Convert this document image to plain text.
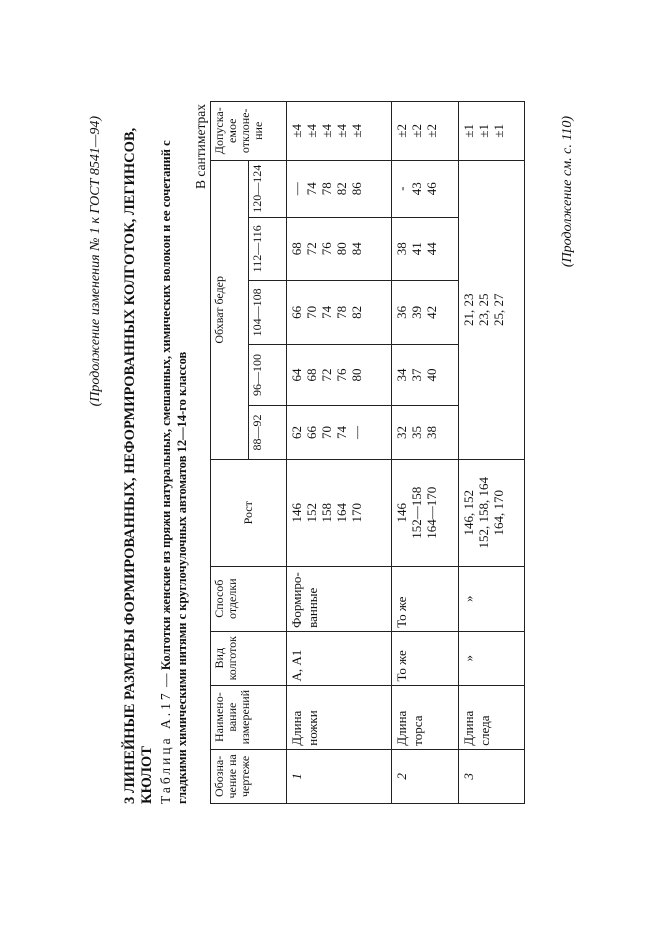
(Продолжение изменения № 1 к ГОСТ 8541—94) 3 ЛИНЕЙНЫЕ РАЗМЕРЫ ФОРМИРОВАННЫХ, НЕФОРМИРОВАННЫХ КОЛГОТОК, ЛЕГИНСОВ, КЮЛОТ Таблица А.17 — Колготки женские из пряжи натуральных, смешанных, химических волокон и ее сочетаний с гладкими химическими нитями с круглочулочных автоматов 12—14-го классов
В сантиметрах
Обозна-чение на чертеже	Наимено-вание измерений	Вид колготок	Способ отделки	Рост	Обхват бедер					Допуска-емое отклоне-ние
					88—92	96—100	104—108	112—116	120—124	
1	Длина ножки	А, А1	Формиро-ванные	146 152 158 164 170	62 66 70 74 —	64 68 72 76 80	66 70 74 78 82	68 72 76 80 84	— 74 78 82 86	±4 ±4 ±4 ±4 ±4

2	Длина торса	То же	То же	146 152—158 164—170	32 35 38	34 37 40	36 39 42	38 41 44	- 43 46	±2 ±2 ±2

3	Длина следа	»	»	146, 152 152, 158, 164 164, 170	21, 23 23, 25 25, 27					±1 ±1 ±1	(Продолжение см. с. 110)
